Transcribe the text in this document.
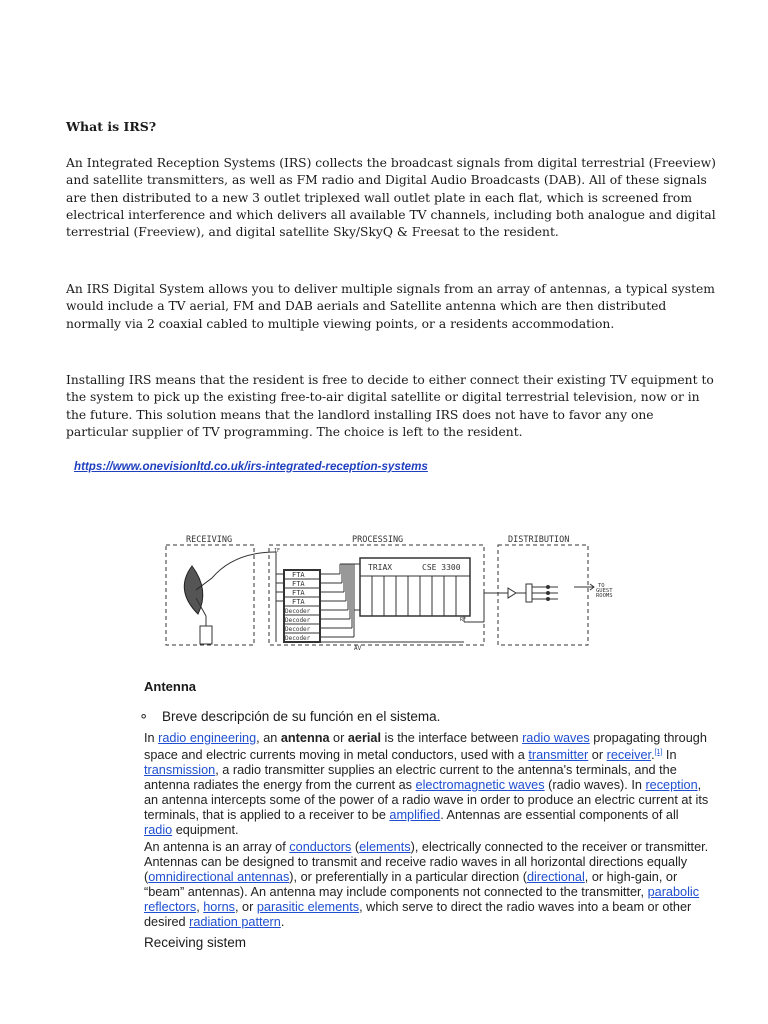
What is IRS?

An Integrated Reception Systems (IRS) collects the broadcast signals from digital terrestrial (Freeview) and satellite transmitters, as well as FM radio and Digital Audio Broadcasts (DAB). All of these signals are then distributed to a new 3 outlet triplexed wall outlet plate in each flat, which is screened from electrical interference and which delivers all available TV channels, including both analogue and digital terrestrial (Freeview), and digital satellite Sky/SkyQ & Freesat to the resident.

An IRS Digital System allows you to deliver multiple signals from an array of antennas, a typical system would include a TV aerial, FM and DAB aerials and Satellite antenna which are then distributed normally via 2 coaxial cabled to multiple viewing points, or a residents accommodation.

Installing IRS means that the resident is free to decide to either connect their existing TV equipment to the system to pick up the existing free-to-air digital satellite or digital terrestrial television, now or in the future. This solution means that the landlord installing IRS does not have to favor any one particular supplier of TV programming. The choice is left to the resident.

https://www.onevisionltd.co.uk/irs-integrated-reception-systems
RECEIVING	PROCESSING	DISTRIBUTION
IF
FTA
FTA
FTA
FTA
Decoder
Decoder
Decoder
Decoder
TRIAX	CSE 3300
RF
AV
TO
GUEST
ROOMS
Antenna
⚬ Breve descripción de su función en el sistema.

In radio engineering, an antenna or aerial is the interface between radio waves propagating through space and electric currents moving in metal conductors, used with a transmitter or receiver.[1] In transmission, a radio transmitter supplies an electric current to the antenna's terminals, and the antenna radiates the energy from the current as electromagnetic waves (radio waves). In reception, an antenna intercepts some of the power of a radio wave in order to produce an electric current at its terminals, that is applied to a receiver to be amplified. Antennas are essential components of all radio equipment.

An antenna is an array of conductors (elements), electrically connected to the receiver or transmitter. Antennas can be designed to transmit and receive radio waves in all horizontal directions equally (omnidirectional antennas), or preferentially in a particular direction (directional, or high-gain, or “beam” antennas). An antenna may include components not connected to the transmitter, parabolic reflectors, horns, or parasitic elements, which serve to direct the radio waves into a beam or other desired radiation pattern.

Receiving sistem
